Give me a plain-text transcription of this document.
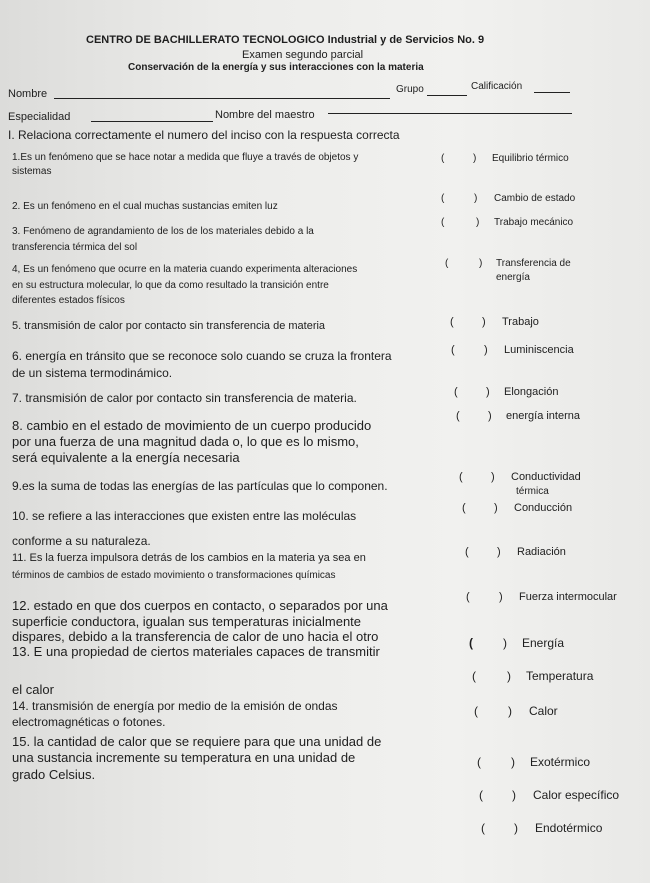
CENTRO DE BACHILLERATO TECNOLOGICO Industrial y de Servicios No. 9
Examen segundo parcial
Conservación de la energía y sus interacciones con la materia
Nombre	Grupo	Calificación
Especialidad	Nombre del maestro
I. Relaciona correctamente el numero del inciso con la respuesta correcta
1.Es un fenómeno que se hace notar a medida que fluye a través de objetos y
sistemas
2. Es un fenómeno en el cual muchas sustancias emiten luz
3. Fenómeno de agrandamiento de los de los materiales debido a la
transferencia térmica del sol
4, Es un fenómeno que ocurre en la materia cuando experimenta alteraciones
en su estructura molecular, lo que da como resultado la transición entre
diferentes estados físicos
5. transmisión de calor por contacto sin transferencia de materia
6. energía en tránsito que se reconoce solo cuando se cruza la frontera
de un sistema termodinámico.
7. transmisión de calor por contacto sin transferencia de materia.
8. cambio en el estado de movimiento de un cuerpo producido
por una fuerza de una magnitud dada o, lo que es lo mismo,
será equivalente a la energía necesaria
9.es la suma de todas las energías de las partículas que lo componen.
10. se refiere a las interacciones que existen entre las moléculas
conforme a su naturaleza.
11. Es la fuerza impulsora detrás de los cambios en la materia ya sea en
términos de cambios de estado movimiento o transformaciones químicas
12. estado en que dos cuerpos en contacto, o separados por una
superficie conductora, igualan sus temperaturas inicialmente
dispares, debido a la transferencia de calor de uno hacia el otro
13. E una propiedad de ciertos materiales capaces de transmitir
el calor
14. transmisión de energía por medio de la emisión de ondas
electromagnéticas o fotones.
15. la cantidad de calor que se requiere para que una unidad de
una sustancia incremente su temperatura en una unidad de
grado Celsius.
(	) Equilibrio térmico
(	) Cambio de estado
(	) Trabajo mecánico
(	) Transferencia de
energía
(	) Trabajo
(	) Luminiscencia
(	) Elongación
(	) energía interna
(	) Conductividad
térmica
(	) Conducción
(	) Radiación
(	) Fuerza intermocular
(	) Energía
(	) Temperatura
(	) Calor
(	) Exotérmico
( ) Calor específico
( ) Endotérmico
